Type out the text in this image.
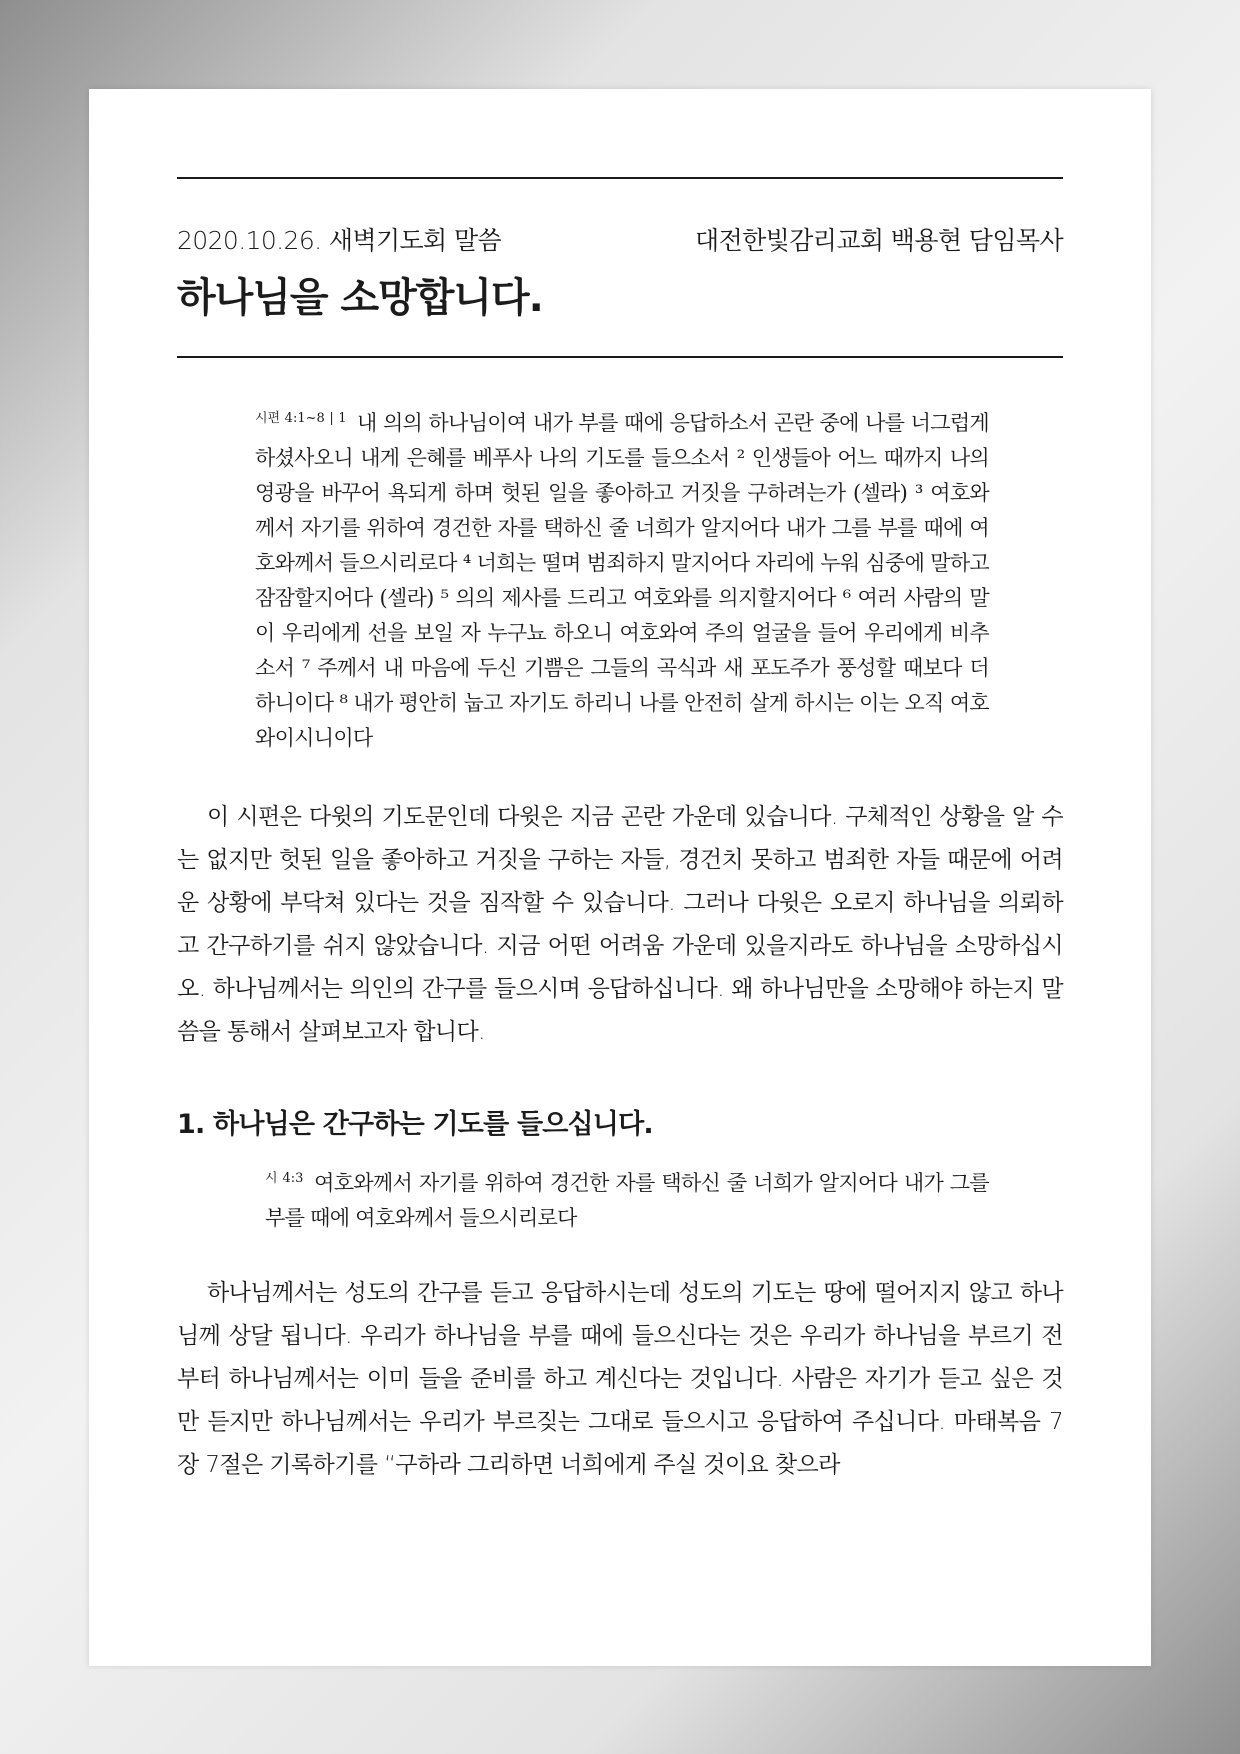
2020.10.26. 새벽기도회 말씀	대전한빛감리교회 백용현 담임목사
하나님을 소망합니다.
$^{시편 4:1\sim 8 | 1}$ 내 의의 하나님이여 내가 부를 때에 응답하소서 곤란 중에 나를 너그럽게 하셨사오니 내게 은혜를 베푸사 나의 기도를 들으소서 ² 인생들아 어느 때까지 나의 영광을 바꾸어 욕되게 하며 헛된 일을 좋아하고 거짓을 구하려는가 (셀라) ³ 여호와께서 자기를 위하여 경건한 자를 택하신 줄 너희가 알지어다 내가 그를 부를 때에 여호와께서 들으시리로다 ⁴ 너희는 떨며 범죄하지 말지어다 자리에 누워 심중에 말하고 잠잠할지어다 (셀라) ⁵ 의의 제사를 드리고 여호와를 의지할지어다 ⁶ 여러 사람의 말이 우리에게 선을 보일 자 누구뇨 하오니 여호와여 주의 얼굴을 들어 우리에게 비추소서 ⁷ 주께서 내 마음에 두신 기쁨은 그들의 곡식과 새 포도주가 풍성할 때보다 더 하니이다 ⁸ 내가 평안히 눕고 자기도 하리니 나를 안전히 살게 하시는 이는 오직 여호와이시니이다

이 시편은 다윗의 기도문인데 다윗은 지금 곤란 가운데 있습니다. 구체적인 상황을 알 수는 없지만 헛된 일을 좋아하고 거짓을 구하는 자들, 경건치 못하고 범죄한 자들 때문에 어려운 상황에 부닥쳐 있다는 것을 짐작할 수 있습니다. 그러나 다윗은 오로지 하나님을 의뢰하고 간구하기를 쉬지 않았습니다. 지금 어떤 어려움 가운데 있을지라도 하나님을 소망하십시오. 하나님께서는 의인의 간구를 들으시며 응답하십니다. 왜 하나님만을 소망해야 하는지 말씀을 통해서 살펴보고자 합니다.

1. 하나님은 간구하는 기도를 들으십니다.
$^{시 4:3}$ 여호와께서 자기를 위하여 경건한 자를 택하신 줄 너희가 알지어다 내가 그를 부를 때에 여호와께서 들으시리로다

하나님께서는 성도의 간구를 듣고 응답하시는데 성도의 기도는 땅에 떨어지지 않고 하나님께 상달 됩니다. 우리가 하나님을 부를 때에 들으신다는 것은 우리가 하나님을 부르기 전부터 하나님께서는 이미 들을 준비를 하고 계신다는 것입니다. 사람은 자기가 듣고 싶은 것만 듣지만 하나님께서는 우리가 부르짖는 그대로 들으시고 응답하여 주십니다. 마태복음 7장 7절은 기록하기를 “구하라 그리하면 너희에게 주실 것이요 찾으라
